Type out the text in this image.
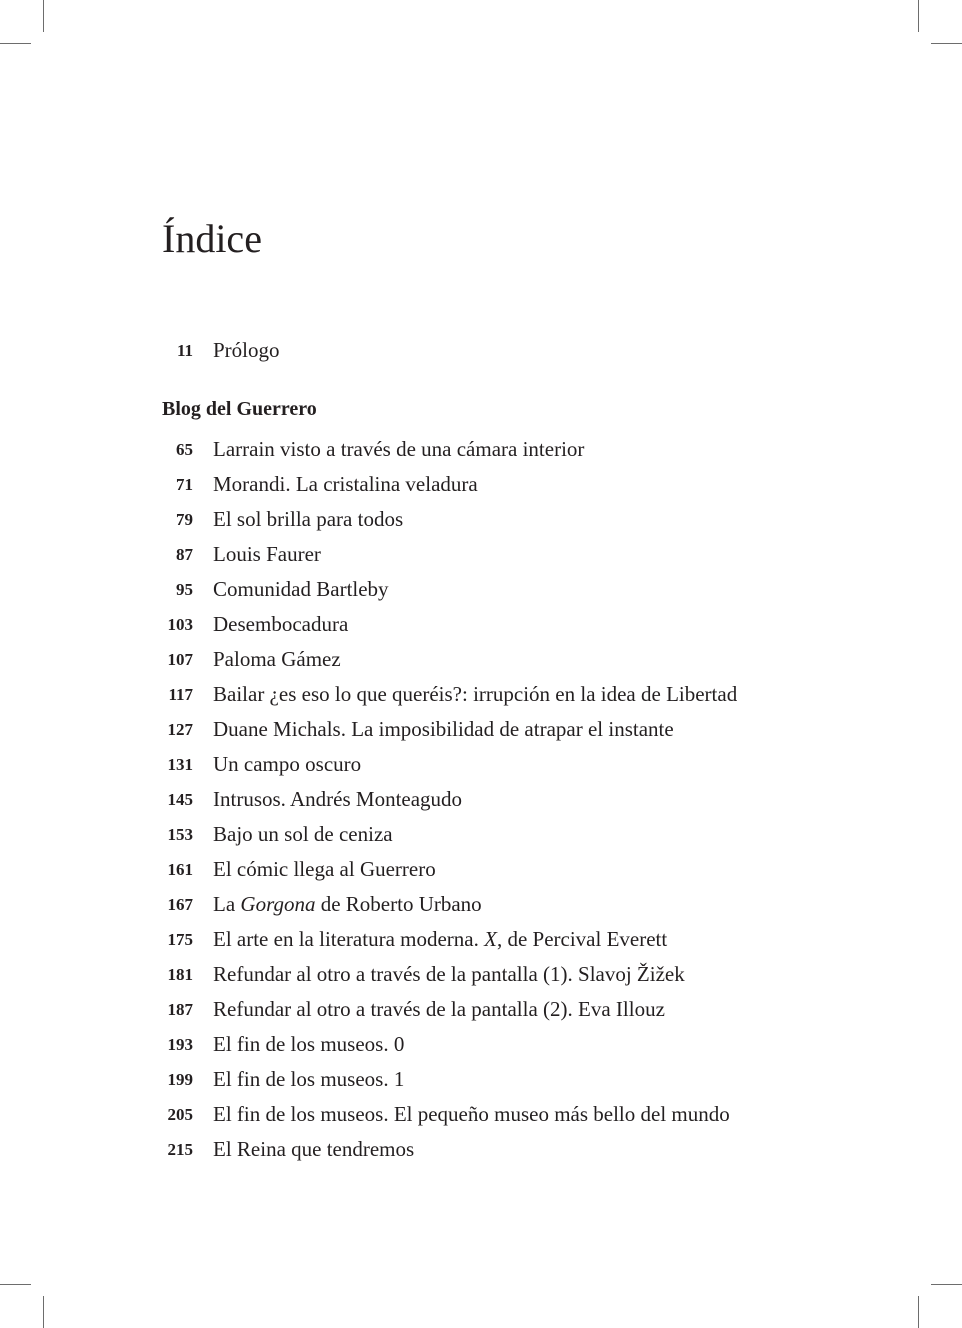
Índice
11 Prólogo
Blog del Guerrero
65 Larrain visto a través de una cámara interior
71 Morandi. La cristalina veladura
79 El sol brilla para todos
87 Louis Faurer
95 Comunidad Bartleby
103 Desembocadura
107 Paloma Gámez
117 Bailar ¿es eso lo que queréis?: irrupción en la idea de Libertad
127 Duane Michals. La imposibilidad de atrapar el instante
131 Un campo oscuro
145 Intrusos. Andrés Monteagudo
153 Bajo un sol de ceniza
161 El cómic llega al Guerrero
167 La Gorgona de Roberto Urbano
175 El arte en la literatura moderna. X, de Percival Everett
181 Refundar al otro a través de la pantalla (1). Slavoj Žižek
187 Refundar al otro a través de la pantalla (2). Eva Illouz
193 El fin de los museos. 0
199 El fin de los museos. 1
205 El fin de los museos. El pequeño museo más bello del mundo
215 El Reina que tendremos
